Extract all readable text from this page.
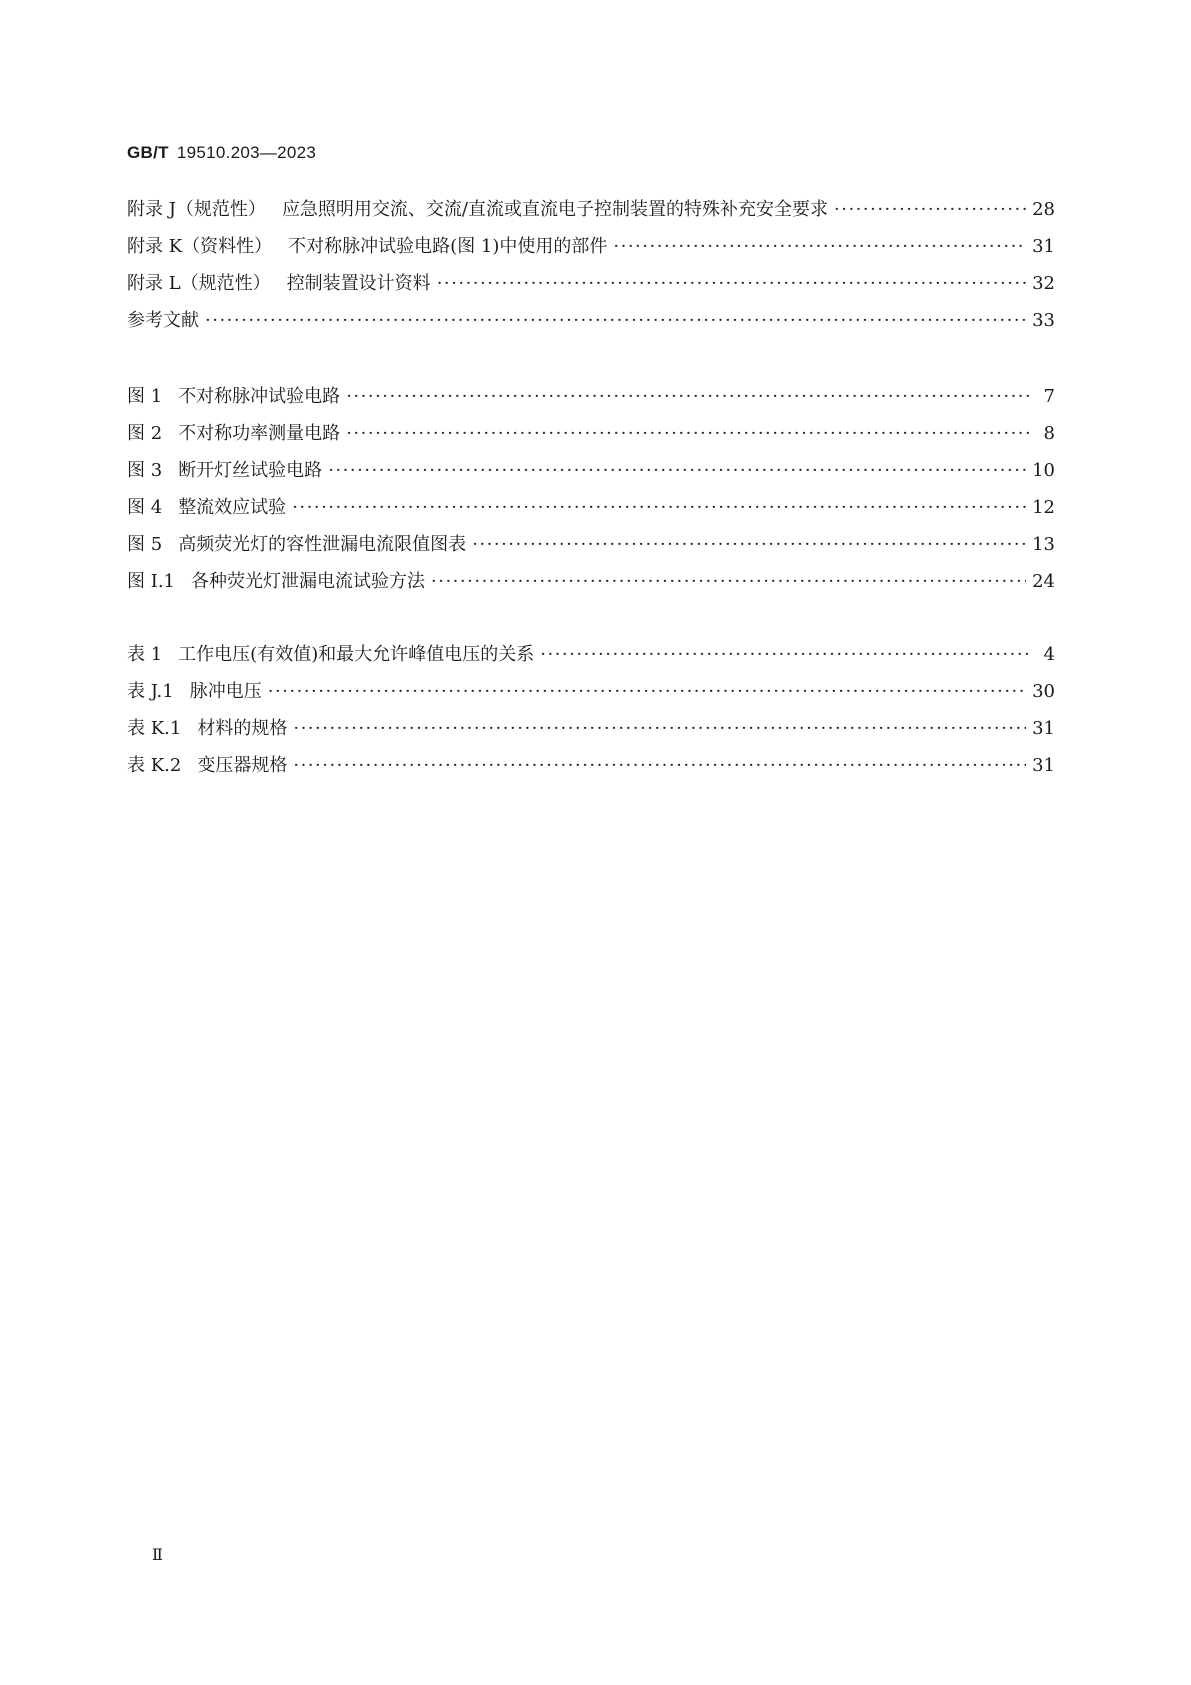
GB/T 19510.203—2023
附录 J（规范性） 应急照明用交流、交流/直流或直流电子控制装置的特殊补充安全要求 ·····	28
附录 K（资料性） 不对称脉冲试验电路(图 1)中使用的部件 ·····	31
附录 L（规范性） 控制装置设计资料 ·····	32
参考文献 ·····	33
图 1 不对称脉冲试验电路 ·····	7
图 2 不对称功率测量电路 ·····	8
图 3 断开灯丝试验电路 ·····	10
图 4 整流效应试验 ·····	12
图 5 高频荧光灯的容性泄漏电流限值图表 ·····	13
图 I.1 各种荧光灯泄漏电流试验方法 ·····	24
表 1 工作电压(有效值)和最大允许峰值电压的关系 ·····	4
表 J.1 脉冲电压 ·····	30
表 K.1 材料的规格 ·····	31
表 K.2 变压器规格 ·····	31
Ⅱ
